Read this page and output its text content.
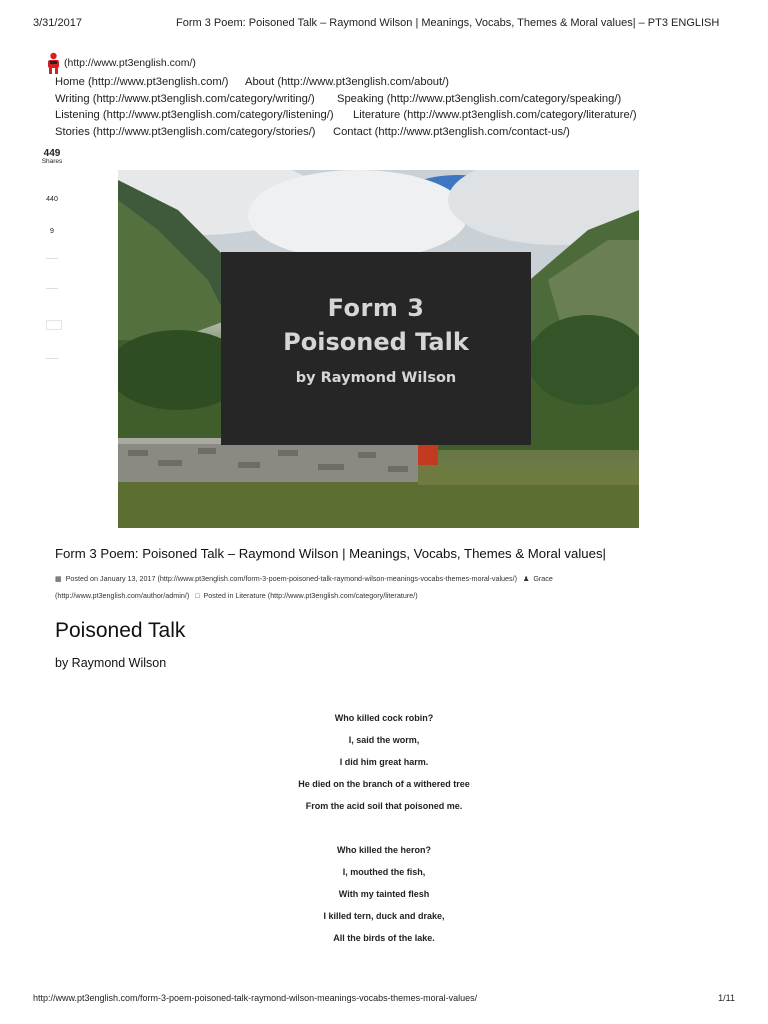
3/31/2017	Form 3 Poem: Poisoned Talk – Raymond Wilson | Meanings, Vocabs, Themes & Moral values| – PT3 ENGLISH
(http://www.pt3english.com/)
Home (http://www.pt3english.com/) About (http://www.pt3english.com/about/)
Writing (http://www.pt3english.com/category/writing/) Speaking (http://www.pt3english.com/category/speaking/)
Listening (http://www.pt3english.com/category/listening/) Literature (http://www.pt3english.com/category/literature/)
Stories (http://www.pt3english.com/category/stories/) Contact (http://www.pt3english.com/contact-us/)
449
Shares
440
9
Form 3
Poisoned Talk
by Raymond Wilson
Form 3 Poem: Poisoned Talk – Raymond Wilson | Meanings, Vocabs, Themes & Moral values|
▦ Posted on January 13, 2017 (http://www.pt3english.com/form-3-poem-poisoned-talk-raymond-wilson-meanings-vocabs-themes-moral-values/) ♟ Grace
(http://www.pt3english.com/author/admin/) □ Posted in Literature (http://www.pt3english.com/category/literature/)
Poisoned Talk
by Raymond Wilson
Who killed cock robin?
I, said the worm,
I did him great harm.
He died on the branch of a withered tree
From the acid soil that poisoned me.
Who killed the heron?
I, mouthed the fish,
With my tainted flesh
I killed tern, duck and drake,
All the birds of the lake.
http://www.pt3english.com/form-3-poem-poisoned-talk-raymond-wilson-meanings-vocabs-themes-moral-values/	1/11
